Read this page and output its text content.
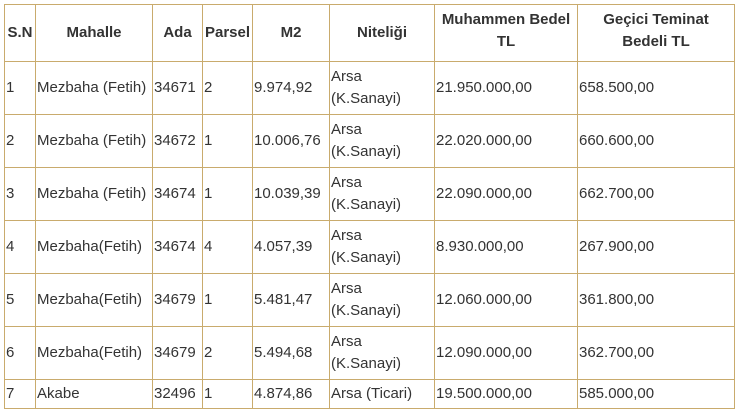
S.N	Mahalle	Ada	Parsel	M2	Niteliği	Muhammen Bedel TL	Geçici Teminat Bedeli TL
1	Mezbaha (Fetih)	34671	2	9.974,92	Arsa (K.Sanayi)	21.950.000,00	658.500,00
2	Mezbaha (Fetih)	34672	1	10.006,76	Arsa (K.Sanayi)	22.020.000,00	660.600,00
3	Mezbaha (Fetih)	34674	1	10.039,39	Arsa (K.Sanayi)	22.090.000,00	662.700,00
4	Mezbaha(Fetih)	34674	4	4.057,39	Arsa (K.Sanayi)	8.930.000,00	267.900,00
5	Mezbaha(Fetih)	34679	1	5.481,47	Arsa (K.Sanayi)	12.060.000,00	361.800,00
6	Mezbaha(Fetih)	34679	2	5.494,68	Arsa (K.Sanayi)	12.090.000,00	362.700,00
7	Akabe	32496	1	4.874,86	Arsa (Ticari)	19.500.000,00	585.000,00
